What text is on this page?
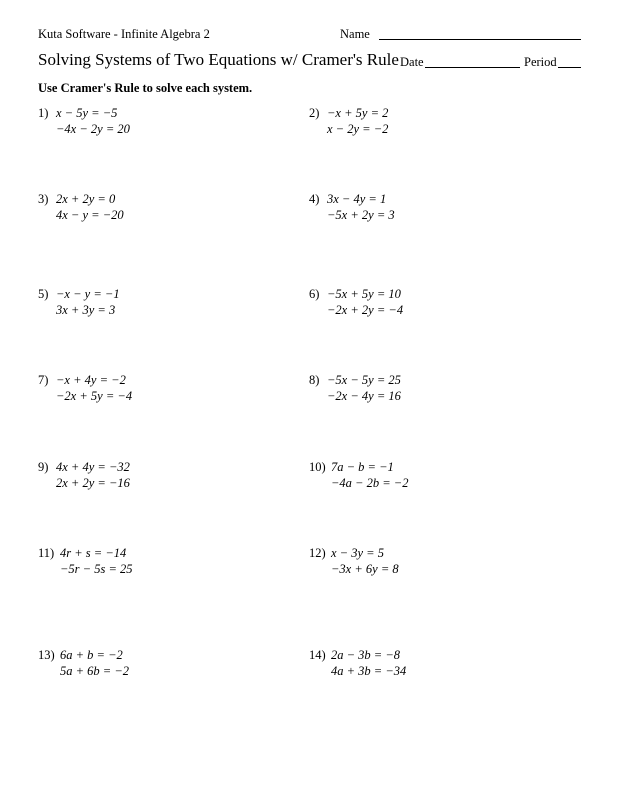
Kuta Software - Infinite Algebra 2	Name
Solving Systems of Two Equations w/ Cramer's Rule Date	Period
Use Cramer's Rule to solve each system.
1) x − 5y = −5
−4x − 2y = 20
2) −x + 5y = 2
x − 2y = −2
3) 2x + 2y = 0
4x − y = −20
4) 3x − 4y = 1
−5x + 2y = 3
5) −x − y = −1
3x + 3y = 3
6) −5x + 5y = 10
−2x + 2y = −4
7) −x + 4y = −2
−2x + 5y = −4
8) −5x − 5y = 25
−2x − 4y = 16
9) 4x + 4y = −32
2x + 2y = −16
10) 7a − b = −1
−4a − 2b = −2
11) 4r + s = −14
−5r − 5s = 25
12) x − 3y = 5
−3x + 6y = 8
13) 6a + b = −2
5a + 6b = −2
14) 2a − 3b = −8
4a + 3b = −34
